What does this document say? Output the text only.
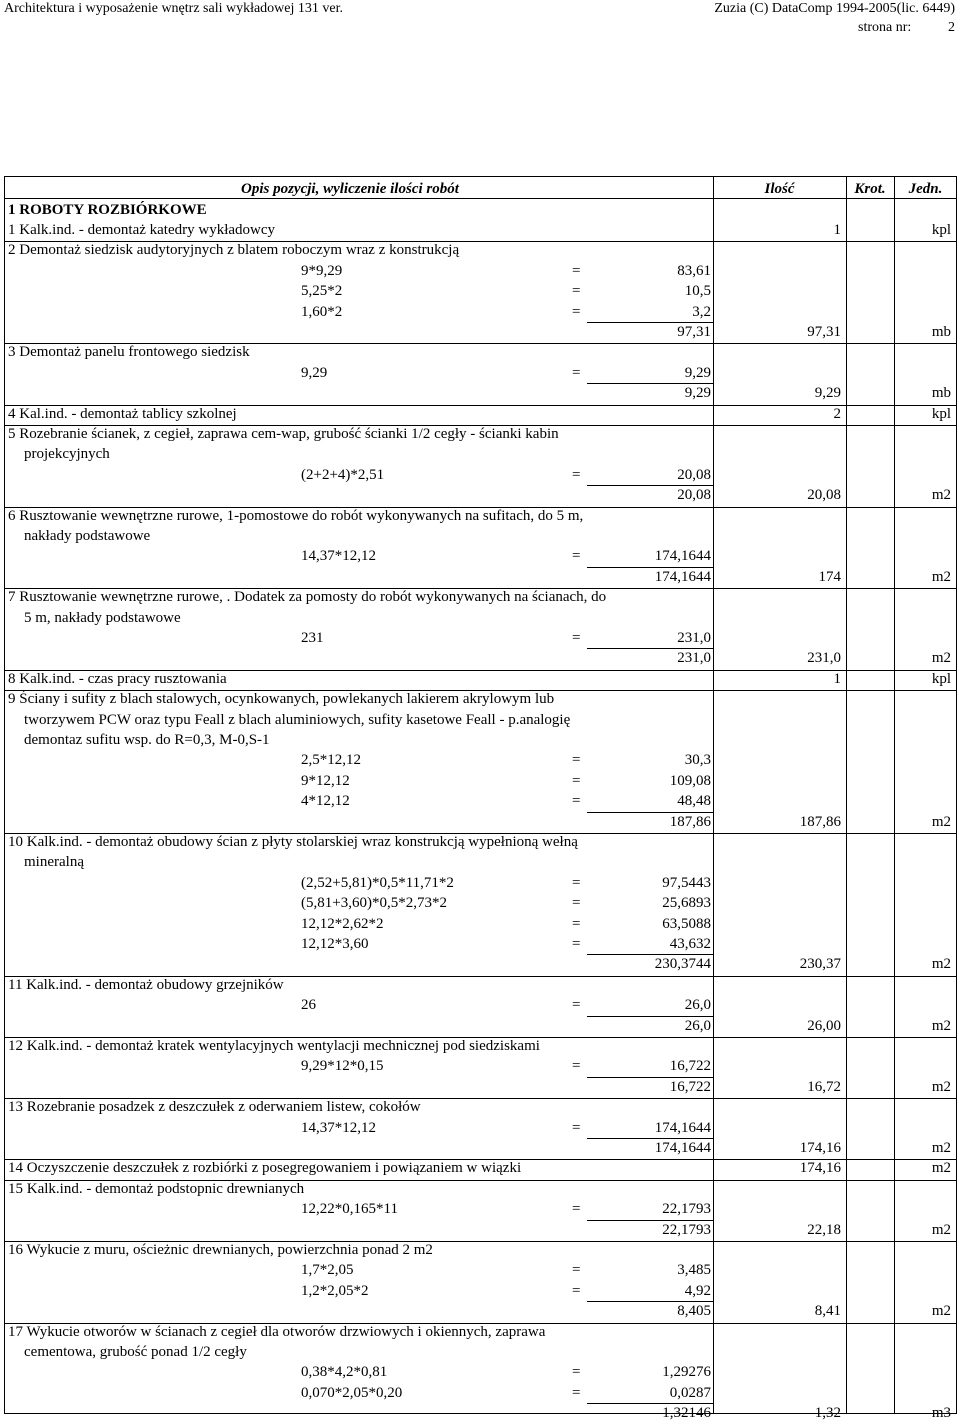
Architektura i wyposażenie wnętrz sali wykładowej 131 ver.	Zuzia (C) DataComp 1994-2005(lic. 6449)
strona nr:	2
Opis pozycji, wyliczenie ilości robót	Ilość	Krot.	Jedn.
1 ROBOTY ROZBIÓRKOWE
1 Kalk.ind. - demontaż katedry wykładowcy	1	kpl
2 Demontaż siedzisk audytoryjnych z blatem roboczym wraz z konstrukcją
9*9,29	=	83,61
5,25*2	=	10,5
1,60*2	=	3,2
97,31	97,31	mb
3 Demontaż panelu frontowego siedzisk
9,29	=	9,29
9,29	9,29	mb
4 Kal.ind. - demontaż tablicy szkolnej	2	kpl
5 Rozebranie ścianek, z cegieł, zaprawa cem-wap, grubość ścianki 1/2 cegły - ścianki kabin
projekcyjnych
(2+2+4)*2,51	=	20,08
20,08	20,08	m2
6 Rusztowanie wewnętrzne rurowe, 1-pomostowe do robót wykonywanych na sufitach, do 5 m,
nakłady podstawowe
14,37*12,12	=	174,1644
174,1644	174	m2
7 Rusztowanie wewnętrzne rurowe, . Dodatek za pomosty do robót wykonywanych na ścianach, do
5 m, nakłady podstawowe
231	=	231,0
231,0	231,0	m2
8 Kalk.ind. - czas pracy rusztowania	1	kpl
9 Ściany i sufity z blach stalowych, ocynkowanych, powlekanych lakierem akrylowym lub
tworzywem PCW oraz typu Feall z blach aluminiowych, sufity kasetowe Feall - p.analogię
demontaz sufitu wsp. do R=0,3, M-0,S-1
2,5*12,12	=	30,3
9*12,12	=	109,08
4*12,12	=	48,48
187,86	187,86	m2
10 Kalk.ind. - demontaż obudowy ścian z płyty stolarskiej wraz konstrukcją wypełnioną wełną
mineralną
(2,52+5,81)*0,5*11,71*2	=	97,5443
(5,81+3,60)*0,5*2,73*2	=	25,6893
12,12*2,62*2	=	63,5088
12,12*3,60	=	43,632
230,3744	230,37	m2
11 Kalk.ind. - demontaż obudowy grzejników
26	=	26,0
26,0	26,00	m2
12 Kalk.ind. - demontaż kratek wentylacyjnych wentylacji mechnicznej pod siedziskami
9,29*12*0,15	=	16,722
16,722	16,72	m2
13 Rozebranie posadzek z deszczułek z oderwaniem listew, cokołów
14,37*12,12	=	174,1644
174,1644	174,16	m2
14 Oczyszczenie deszczułek z rozbiórki z posegregowaniem i powiązaniem w wiązki	174,16	m2
15 Kalk.ind. - demontaż podstopnic drewnianych
12,22*0,165*11	=	22,1793
22,1793	22,18	m2
16 Wykucie z muru, ościeżnic drewnianych, powierzchnia ponad 2 m2
1,7*2,05	=	3,485
1,2*2,05*2	=	4,92
8,405	8,41	m2
17 Wykucie otworów w ścianach z cegieł dla otworów drzwiowych i okiennych, zaprawa
cementowa, grubość ponad 1/2 cegły
0,38*4,2*0,81	=	1,29276
0,070*2,05*0,20	=	0,0287
1,32146	1,32	m3
